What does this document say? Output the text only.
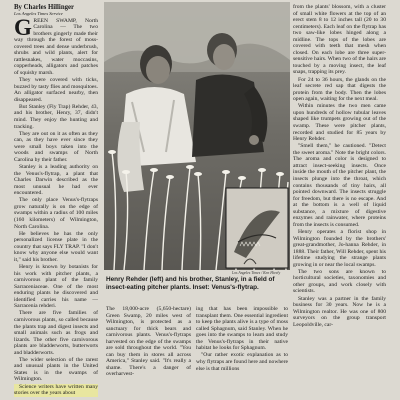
By Charles Hillinger
Los Angeles Times Service

GREEN SWAMP, North Carolina — The two brothers gingerly made their way through the forest of moss-covered trees and dense underbrush, shrubs and wild plants, alert for rattlesnakes, water moccasins, copperheads, alligators and patches of squishy marsh.

They were covered with ticks, buzzed by tasty flies and mosquitoes. An alligator surfaced nearby, then disappeared.

But Stanley (Fly Trap) Rehder, 43, and his brother, Henry, 37, didn't mind. They enjoy the hunting and tracking.

They are out on it as often as they can, as they have ever since they were small boys taken into the woods and swamps of North Carolina by their father.

Stanley is a leading authority on the Venus's-flytrap, a plant that Charles Darwin described as the most unusual he had ever encountered.

The only place Venus's-flytraps grow naturally is on the edge of swamps within a radius of 100 miles (160 kilometers) of Wilmington, North Carolina.

He believes he has the only personalized license plate in the country that says FLY TRAP. "I don't know why anyone else would want it," said his brother.

Henry is known by botanists for his work with pitcher plants, a carnivorous plant of the family Sarraceniaceae. One of the most enduring plants he discovered and identified carries his name — Sarracenia rehderi.

There are five families of carnivorous plants, so called because the plants trap and digest insects and small animals such as frogs and lizards. The other five carnivorous plants are bladderworts, butterworts and bladderworts.

The wider selection of the rarest and unusual plants in the United States is in the swamps of Wilmington.

Science writers have written many stories over the years about

Los Angeles Times / Ken Hively
Henry Rehder (left) and his brother, Stanley, in a field of insect-eating pitcher plants. Inset: Venus's-flytrap.

The 18,000-acre (5,650-hectare) Green Swamp, 20 miles west of Wilmington, is protected as a sanctuary for thick bears and carnivorous plants. Venus's-flytraps harvested on the edge of the swamps are sold throughout the world. "You can buy them in stores all across America," Stanley said. "It's really a shame. There's a danger of overharvest-

ing that has been impossible to transplant them. One essential ingredient to keep the plants alive is a type of moss called Sphagnum, said Stanley. When he goes into the swamps to learn and study the Venus's-flytraps in their native habitat he looks for Sphagnum.

"Our rather exotic explanation as to why flytraps are found here and nowhere else is that millions

from the plants' blossom, with a cluster of small white flowers at the top of an erect stem 8 to 12 inches tall (20 to 30 centimeters). Each leaf on the flytrap has two saw-like lobes hinged along a midline. The tops of the lobes are covered with teeth that mesh when closed. On each lobe are three super-sensitive hairs. When two of the hairs are touched by a moving insect, the leaf snaps, trapping its prey.

For 24 to 36 hours, the glands on the leaf secrete red sap that digests the protein from the body. Then the lobes open again, waiting for the next meal.

Within minutes the two men came upon hundreds of hollow tubular leaves shaped like trumpets growing out of the swamp. These were pitcher plants, recorded and studied for 85 years by Henry Rehder.

"Smell them," he cautioned. "Detect the sweet aroma." Note the bright colors. The aroma and color is designed to attract insect-seeking insects. Once inside the mouth of the pitcher plant, the insects plunge into the throat, which contains thousands of tiny hairs, all pointed downward. The insects struggle for freedom, but there is no escape. And at the bottom is a well of liquid substance, a mixture of digestive enzymes and rainwater, where proteins from the insects is consumed.

Henry operates a florist shop in Wilmington founded by the brothers' great-grandmother, Jo-hanna Rehder, in 1888. Their father, Will Rehder, spent his lifetime studying the strange plants growing in or near the local swamps.

The two sons are known to horticultural societies, taxonomies and other groups, and work closely with scientists.

Stanley was a partner in the family business for 30 years. Now he is a Wilmington realtor. He was one of 800 surveyors on the group transport Leopoldville, car-
